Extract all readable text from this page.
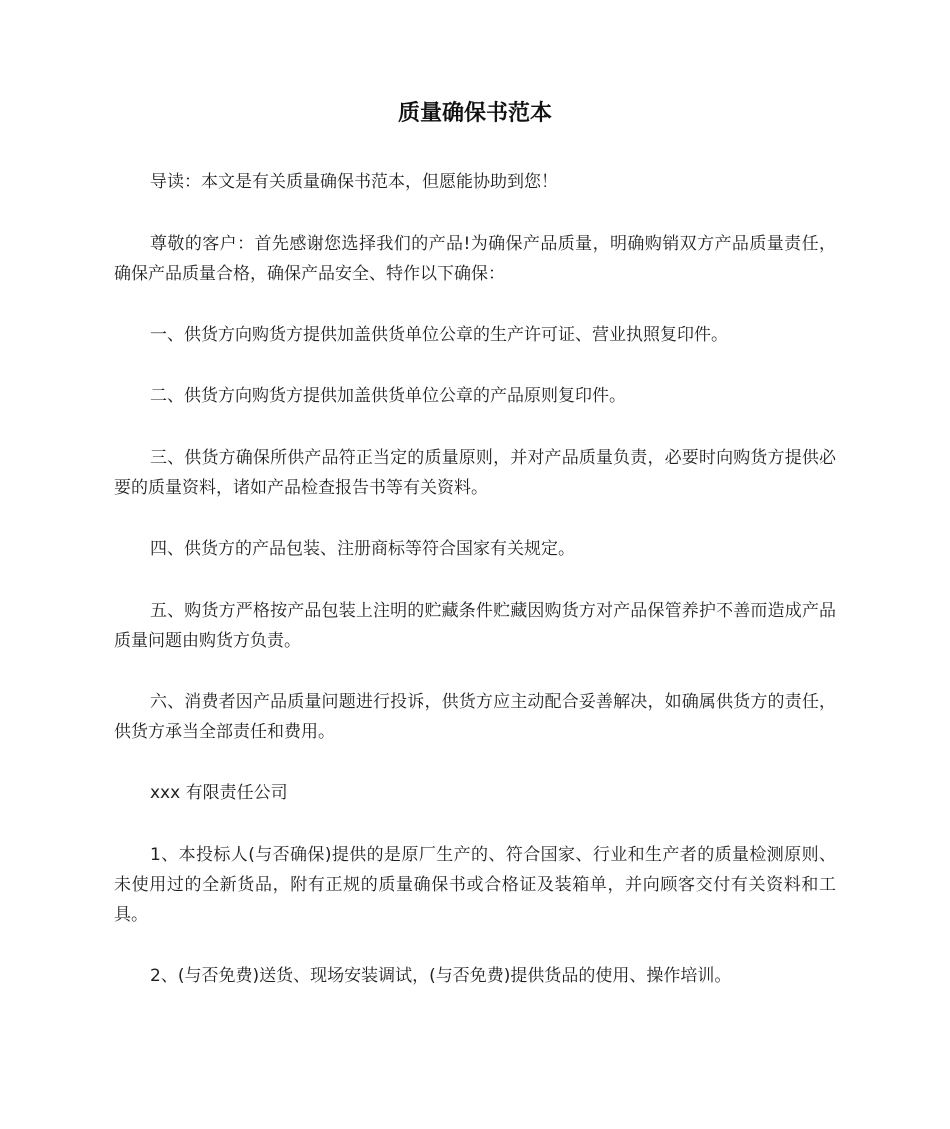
质量确保书范本

导读：本文是有关质量确保书范本，但愿能协助到您！

尊敬的客户：首先感谢您选择我们的产品!为确保产品质量，明确购销双方产品质量责任，确保产品质量合格，确保产品安全、特作以下确保：

一、供货方向购货方提供加盖供货单位公章的生产许可证、营业执照复印件。

二、供货方向购货方提供加盖供货单位公章的产品原则复印件。

三、供货方确保所供产品符正当定的质量原则，并对产品质量负责，必要时向购货方提供必要的质量资料，诸如产品检查报告书等有关资料。

四、供货方的产品包装、注册商标等符合国家有关规定。

五、购货方严格按产品包装上注明的贮藏条件贮藏因购货方对产品保管养护不善而造成产品质量问题由购货方负责。

六、消费者因产品质量问题进行投诉，供货方应主动配合妥善解决，如确属供货方的责任，供货方承当全部责任和费用。

xxx 有限责任公司

1、本投标人(与否确保)提供的是原厂生产的、符合国家、行业和生产者的质量检测原则、未使用过的全新货品，附有正规的质量确保书或合格证及装箱单，并向顾客交付有关资料和工具。

2、(与否免费)送货、现场安装调试，(与否免费)提供货品的使用、操作培训。
